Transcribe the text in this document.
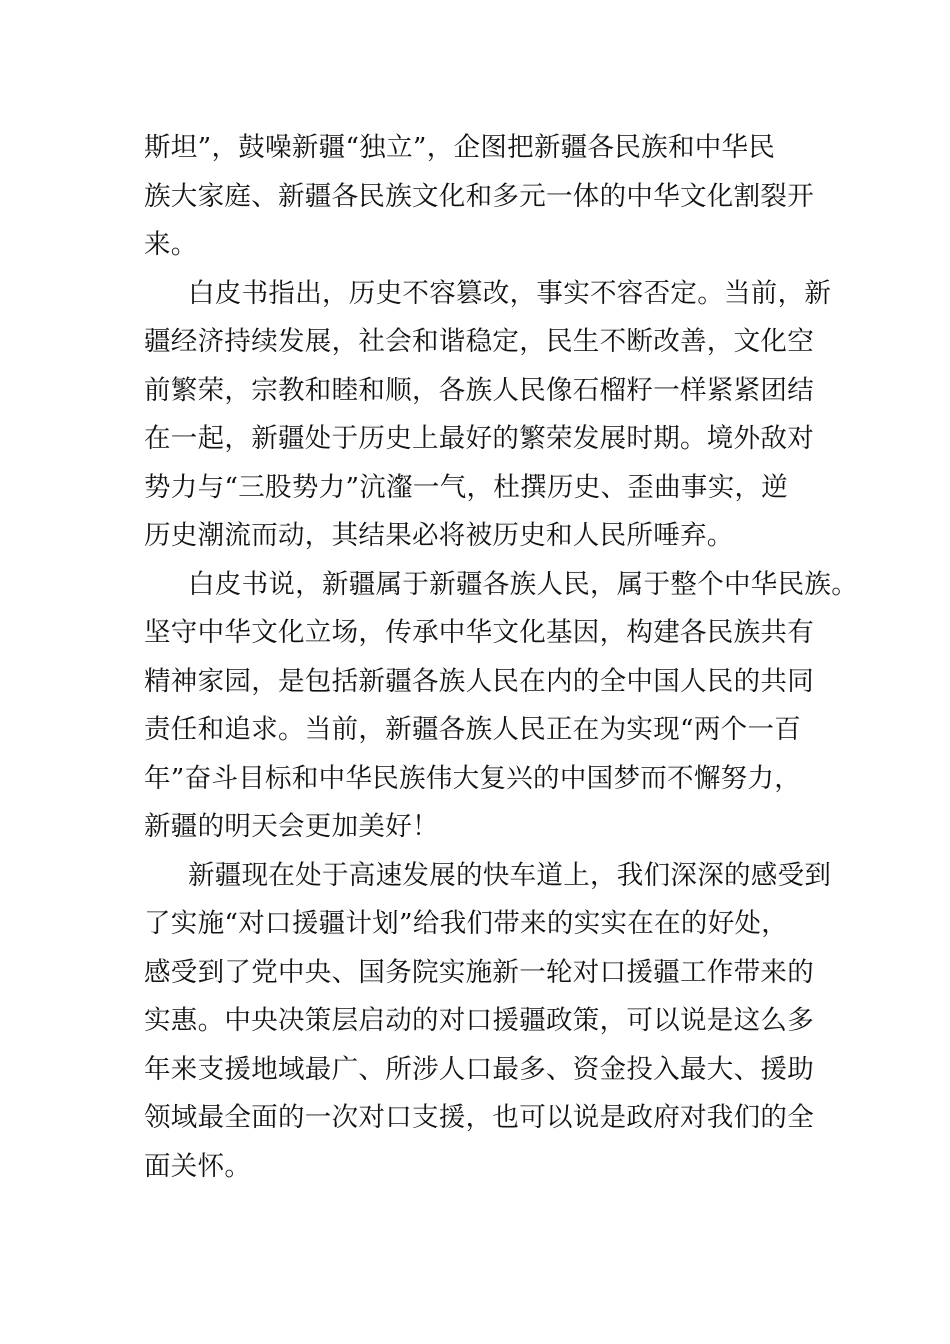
斯坦”，鼓噪新疆“独立”，企图把新疆各民族和中华民
族大家庭、新疆各民族文化和多元一体的中华文化割裂开
来。
白皮书指出，历史不容篡改，事实不容否定。当前，新
疆经济持续发展，社会和谐稳定，民生不断改善，文化空
前繁荣，宗教和睦和顺，各族人民像石榴籽一样紧紧团结
在一起，新疆处于历史上最好的繁荣发展时期。境外敌对
势力与“三股势力”沆瀣一气，杜撰历史、歪曲事实，逆
历史潮流而动，其结果必将被历史和人民所唾弃。
白皮书说，新疆属于新疆各族人民，属于整个中华民族。
坚守中华文化立场，传承中华文化基因，构建各民族共有
精神家园，是包括新疆各族人民在内的全中国人民的共同
责任和追求。当前，新疆各族人民正在为实现“两个一百
年”奋斗目标和中华民族伟大复兴的中国梦而不懈努力，
新疆的明天会更加美好！
新疆现在处于高速发展的快车道上，我们深深的感受到
了实施“对口援疆计划”给我们带来的实实在在的好处，
感受到了党中央、国务院实施新一轮对口援疆工作带来的
实惠。中央决策层启动的对口援疆政策，可以说是这么多
年来支援地域最广、所涉人口最多、资金投入最大、援助
领域最全面的一次对口支援，也可以说是政府对我们的全
面关怀。
